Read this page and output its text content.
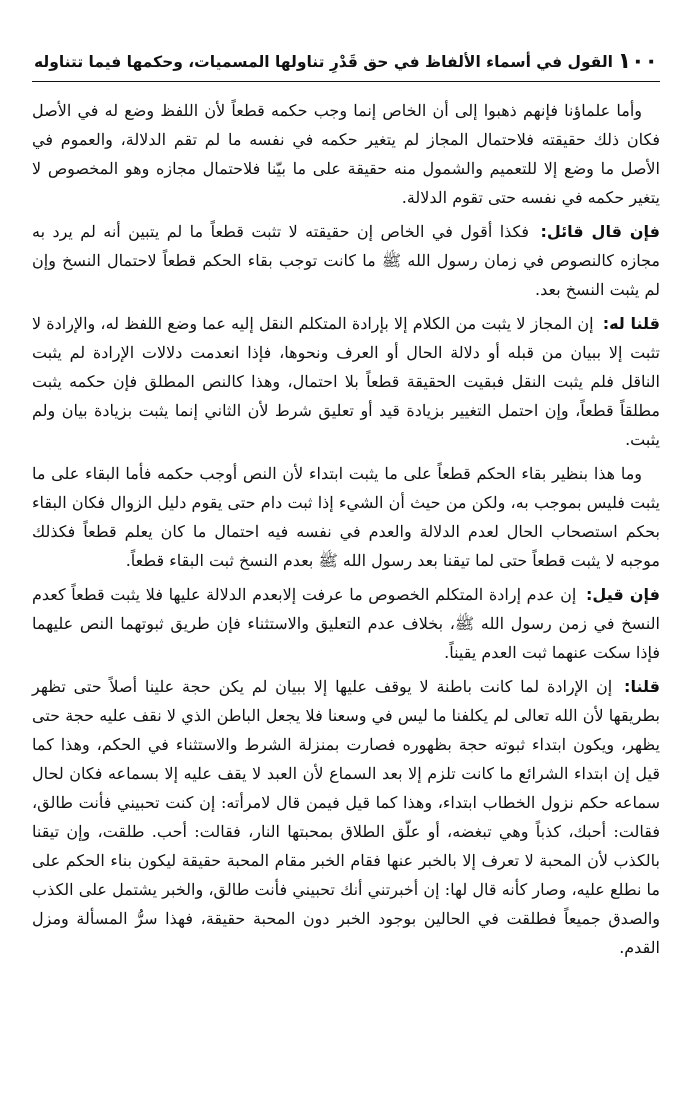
١٠٠
القول في أسماء الألفاظ في حق قَدْرِ تناولها المسميات، وحكمها فيما تتناوله

وأما علماؤنا فإنهم ذهبوا إلى أن الخاص إنما وجب حكمه قطعاً لأن اللفظ وضع له في الأصل فكان ذلك حقيقته فلاحتمال المجاز لم يتغير حكمه في نفسه ما لم تقم الدلالة، والعموم في الأصل ما وضع إلا للتعميم والشمول منه حقيقة على ما بيّنا فلاحتمال مجازه وهو المخصوص لا يتغير حكمه في نفسه حتى تقوم الدلالة.

فإن قال قائل: فكذا أقول في الخاص إن حقيقته لا تثبت قطعاً ما لم يتبين أنه لم يرد به مجازه كالنصوص في زمان رسول الله ﷺ ما كانت توجب بقاء الحكم قطعاً لاحتمال النسخ وإن لم يثبت النسخ بعد.

قلنا له: إن المجاز لا يثبت من الكلام إلا بإرادة المتكلم النقل إليه عما وضع اللفظ له، والإرادة لا تثبت إلا ببيان من قبله أو دلالة الحال أو العرف ونحوها، فإذا انعدمت دلالات الإرادة لم يثبت الناقل فلم يثبت النقل فبقيت الحقيقة قطعاً بلا احتمال، وهذا كالنص المطلق فإن حكمه يثبت مطلقاً قطعاً، وإن احتمل التغيير بزيادة قيد أو تعليق شرط لأن الثاني إنما يثبت بزيادة بيان ولم يثبت.

وما هذا بنظير بقاء الحكم قطعاً على ما يثبت ابتداء لأن النص أوجب حكمه فأما البقاء على ما يثبت فليس بموجب به، ولكن من حيث أن الشيء إذا ثبت دام حتى يقوم دليل الزوال فكان البقاء بحكم استصحاب الحال لعدم الدلالة والعدم في نفسه فيه احتمال ما كان يعلم قطعاً فكذلك موجبه لا يثبت قطعاً حتى لما تيقنا بعد رسول الله ﷺ بعدم النسخ ثبت البقاء قطعاً.

فإن قيل: إن عدم إرادة المتكلم الخصوص ما عرفت إلابعدم الدلالة عليها فلا يثبت قطعاً كعدم النسخ في زمن رسول الله ﷺ، بخلاف عدم التعليق والاستثناء فإن طريق ثبوتهما النص عليهما فإذا سكت عنهما ثبت العدم يقيناً.

قلنا: إن الإرادة لما كانت باطنة لا يوقف عليها إلا ببيان لم يكن حجة علينا أصلاً حتى تظهر بطريقها لأن الله تعالى لم يكلفنا ما ليس في وسعنا فلا يجعل الباطن الذي لا نقف عليه حجة حتى يظهر، ويكون ابتداء ثبوته حجة بظهوره فصارت بمنزلة الشرط والاستثناء في الحكم، وهذا كما قيل إن ابتداء الشرائع ما كانت تلزم إلا بعد السماع لأن العبد لا يقف عليه إلا بسماعه فكان لحال سماعه حكم نزول الخطاب ابتداء، وهذا كما قيل فيمن قال لامرأته: إن كنت تحبيني فأنت طالق، فقالت: أحبك، كذباً وهي تبغضه، أو علّق الطلاق بمحبتها النار، فقالت: أحب. طلقت، وإن تيقنا بالكذب لأن المحبة لا تعرف إلا بالخبر عنها فقام الخبر مقام المحبة حقيقة ليكون بناء الحكم على ما نطلع عليه، وصار كأنه قال لها: إن أخبرتني أنك تحبيني فأنت طالق، والخبر يشتمل على الكذب والصدق جميعاً فطلقت في الحالين بوجود الخبر دون المحبة حقيقة، فهذا سرُّ المسألة ومزل القدم.
